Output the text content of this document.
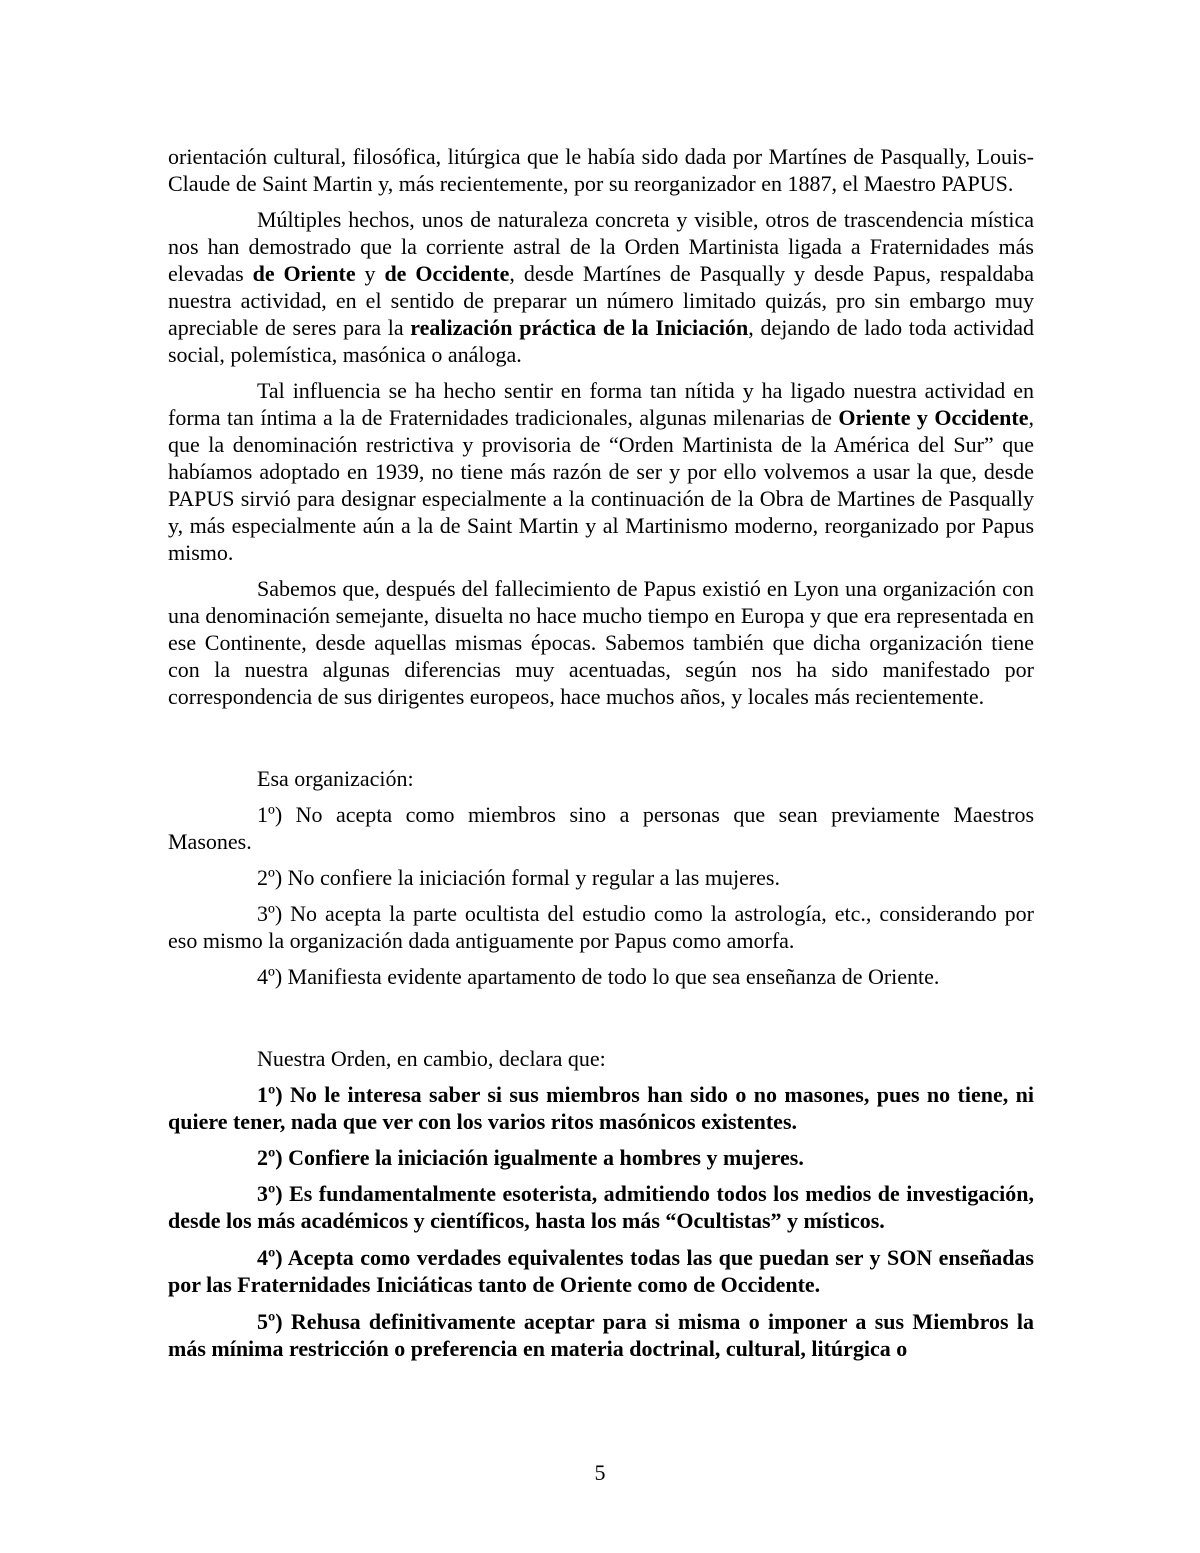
orientación cultural, filosófica, litúrgica que le había sido dada por Martínes de Pasqually, Louis-Claude de Saint Martin y, más recientemente, por su reorganizador en 1887, el Maestro PAPUS.

Múltiples hechos, unos de naturaleza concreta y visible, otros de trascendencia mística nos han demostrado que la corriente astral de la Orden Martinista ligada a Fraternidades más elevadas de Oriente y de Occidente, desde Martínes de Pasqually y desde Papus, respaldaba nuestra actividad, en el sentido de preparar un número limitado quizás, pro sin embargo muy apreciable de seres para la realización práctica de la Iniciación, dejando de lado toda actividad social, polemística, masónica o análoga.

Tal influencia se ha hecho sentir en forma tan nítida y ha ligado nuestra actividad en forma tan íntima a la de Fraternidades tradicionales, algunas milenarias de Oriente y Occidente, que la denominación restrictiva y provisoria de “Orden Martinista de la América del Sur” que habíamos adoptado en 1939, no tiene más razón de ser y por ello volvemos a usar la que, desde PAPUS sirvió para designar especialmente a la continuación de la Obra de Martines de Pasqually y, más especialmente aún a la de Saint Martin y al Martinismo moderno, reorganizado por Papus mismo.

Sabemos que, después del fallecimiento de Papus existió en Lyon una organización con una denominación semejante, disuelta no hace mucho tiempo en Europa y que era representada en ese Continente, desde aquellas mismas épocas. Sabemos también que dicha organización tiene con la nuestra algunas diferencias muy acentuadas, según nos ha sido manifestado por correspondencia de sus dirigentes europeos, hace muchos años, y locales más recientemente.

Esa organización:

1º) No acepta como miembros sino a personas que sean previamente Maestros Masones.

2º) No confiere la iniciación formal y regular a las mujeres.

3º) No acepta la parte ocultista del estudio como la astrología, etc., considerando por eso mismo la organización dada antiguamente por Papus como amorfa.

4º) Manifiesta evidente apartamento de todo lo que sea enseñanza de Oriente.

Nuestra Orden, en cambio, declara que:

1º) No le interesa saber si sus miembros han sido o no masones, pues no tiene, ni quiere tener, nada que ver con los varios ritos masónicos existentes.

2º) Confiere la iniciación igualmente a hombres y mujeres.

3º) Es fundamentalmente esoterista, admitiendo todos los medios de investigación, desde los más académicos y científicos, hasta los más “Ocultistas” y místicos.

4º) Acepta como verdades equivalentes todas las que puedan ser y SON enseñadas por las Fraternidades Iniciáticas tanto de Oriente como de Occidente.

5º) Rehusa definitivamente aceptar para si misma o imponer a sus Miembros la más mínima restricción o preferencia en materia doctrinal, cultural, litúrgica o

5
